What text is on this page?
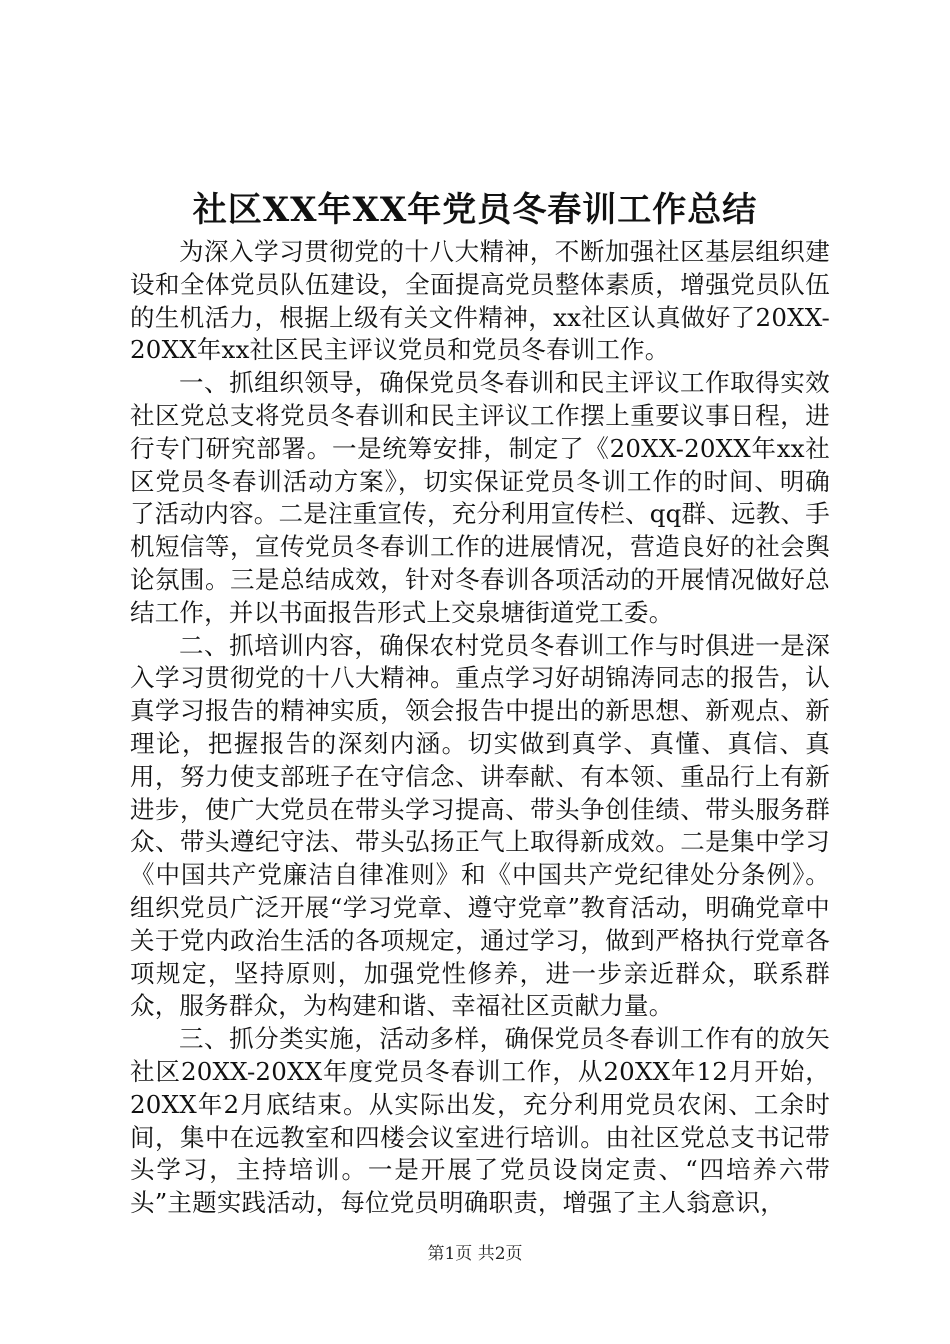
社区XX年XX年党员冬春训工作总结

为深入学习贯彻党的十八大精神，不断加强社区基层组织建设和全体党员队伍建设，全面提高党员整体素质，增强党员队伍的生机活力，根据上级有关文件精神，xx社区认真做好了20XX-20XX年xx社区民主评议党员和党员冬春训工作。

一、抓组织领导，确保党员冬春训和民主评议工作取得实效社区党总支将党员冬春训和民主评议工作摆上重要议事日程，进行专门研究部署。一是统筹安排，制定了《20XX-20XX年xx社区党员冬春训活动方案》，切实保证党员冬训工作的时间、明确了活动内容。二是注重宣传，充分利用宣传栏、qq群、远教、手机短信等，宣传党员冬春训工作的进展情况，营造良好的社会舆论氛围。三是总结成效，针对冬春训各项活动的开展情况做好总结工作，并以书面报告形式上交泉塘街道党工委。

二、抓培训内容，确保农村党员冬春训工作与时俱进一是深入学习贯彻党的十八大精神。重点学习好胡锦涛同志的报告，认真学习报告的精神实质，领会报告中提出的新思想、新观点、新理论，把握报告的深刻内涵。切实做到真学、真懂、真信、真用，努力使支部班子在守信念、讲奉献、有本领、重品行上有新进步，使广大党员在带头学习提高、带头争创佳绩、带头服务群众、带头遵纪守法、带头弘扬正气上取得新成效。二是集中学习《中国共产党廉洁自律准则》和《中国共产党纪律处分条例》。组织党员广泛开展“学习党章、遵守党章”教育活动，明确党章中关于党内政治生活的各项规定，通过学习，做到严格执行党章各项规定，坚持原则，加强党性修养，进一步亲近群众，联系群众，服务群众，为构建和谐、幸福社区贡献力量。

三、抓分类实施，活动多样，确保党员冬春训工作有的放矢社区20XX-20XX年度党员冬春训工作，从20XX年12月开始，20XX年2月底结束。从实际出发，充分利用党员农闲、工余时间，集中在远教室和四楼会议室进行培训。由社区党总支书记带头学习，主持培训。一是开展了党员设岗定责、“四培养六带头”主题实践活动，每位党员明确职责，增强了主人翁意识，

第1页 共2页
